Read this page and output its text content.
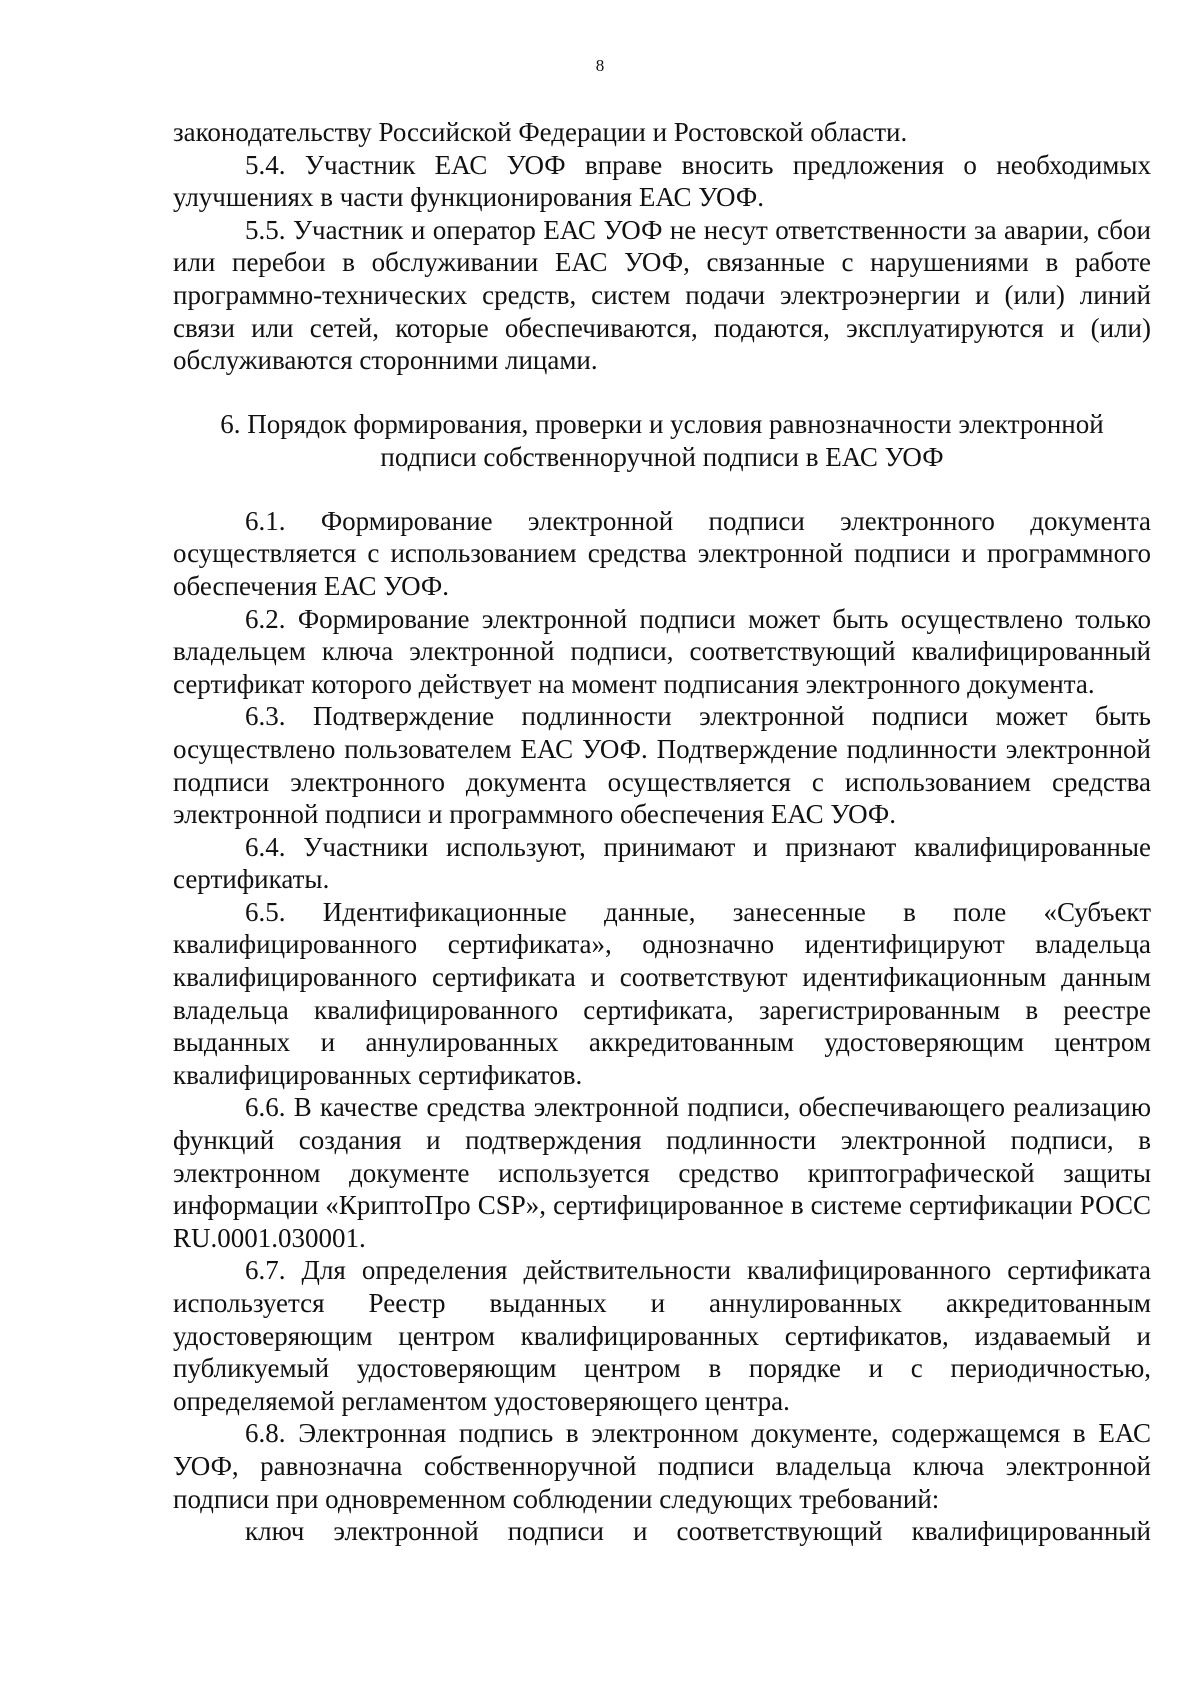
8

законодательству Российской Федерации и Ростовской области.

5.4. Участник ЕАС УОФ вправе вносить предложения о необходимых улучшениях в части функционирования ЕАС УОФ.

5.5. Участник и оператор ЕАС УОФ не несут ответственности за аварии, сбои или перебои в обслуживании ЕАС УОФ, связанные с нарушениями в работе программно-технических средств, систем подачи электроэнергии и (или) линий связи или сетей, которые обеспечиваются, подаются, эксплуатируются и (или) обслуживаются сторонними лицами.

6. Порядок формирования, проверки и условия равнозначности электронной
подписи собственноручной подписи в ЕАС УОФ

6.1. Формирование электронной подписи электронного документа осуществляется с использованием средства электронной подписи и программного обеспечения ЕАС УОФ.

6.2. Формирование электронной подписи может быть осуществлено только владельцем ключа электронной подписи, соответствующий квалифицированный сертификат которого действует на момент подписания электронного документа.

6.3. Подтверждение подлинности электронной подписи может быть осуществлено пользователем ЕАС УОФ. Подтверждение подлинности электронной подписи электронного документа осуществляется с использованием средства электронной подписи и программного обеспечения ЕАС УОФ.

6.4. Участники используют, принимают и признают квалифицированные сертификаты.

6.5. Идентификационные данные, занесенные в поле «Субъект квалифицированного сертификата», однозначно идентифицируют владельца квалифицированного сертификата и соответствуют идентификационным данным владельца квалифицированного сертификата, зарегистрированным в реестре выданных и аннулированных аккредитованным удостоверяющим центром квалифицированных сертификатов.

6.6. В качестве средства электронной подписи, обеспечивающего реализацию функций создания и подтверждения подлинности электронной подписи, в электронном документе используется средство криптографической защиты информации «КриптоПро CSP», сертифицированное в системе сертификации РОСС RU.0001.030001.

6.7. Для определения действительности квалифицированного сертификата используется Реестр выданных и аннулированных аккредитованным удостоверяющим центром квалифицированных сертификатов, издаваемый и публикуемый удостоверяющим центром в порядке и с периодичностью, определяемой регламентом удостоверяющего центра.

6.8. Электронная подпись в электронном документе, содержащемся в ЕАС УОФ, равнозначна собственноручной подписи владельца ключа электронной подписи при одновременном соблюдении следующих требований:

ключ электронной подписи и соответствующий квалифицированный
